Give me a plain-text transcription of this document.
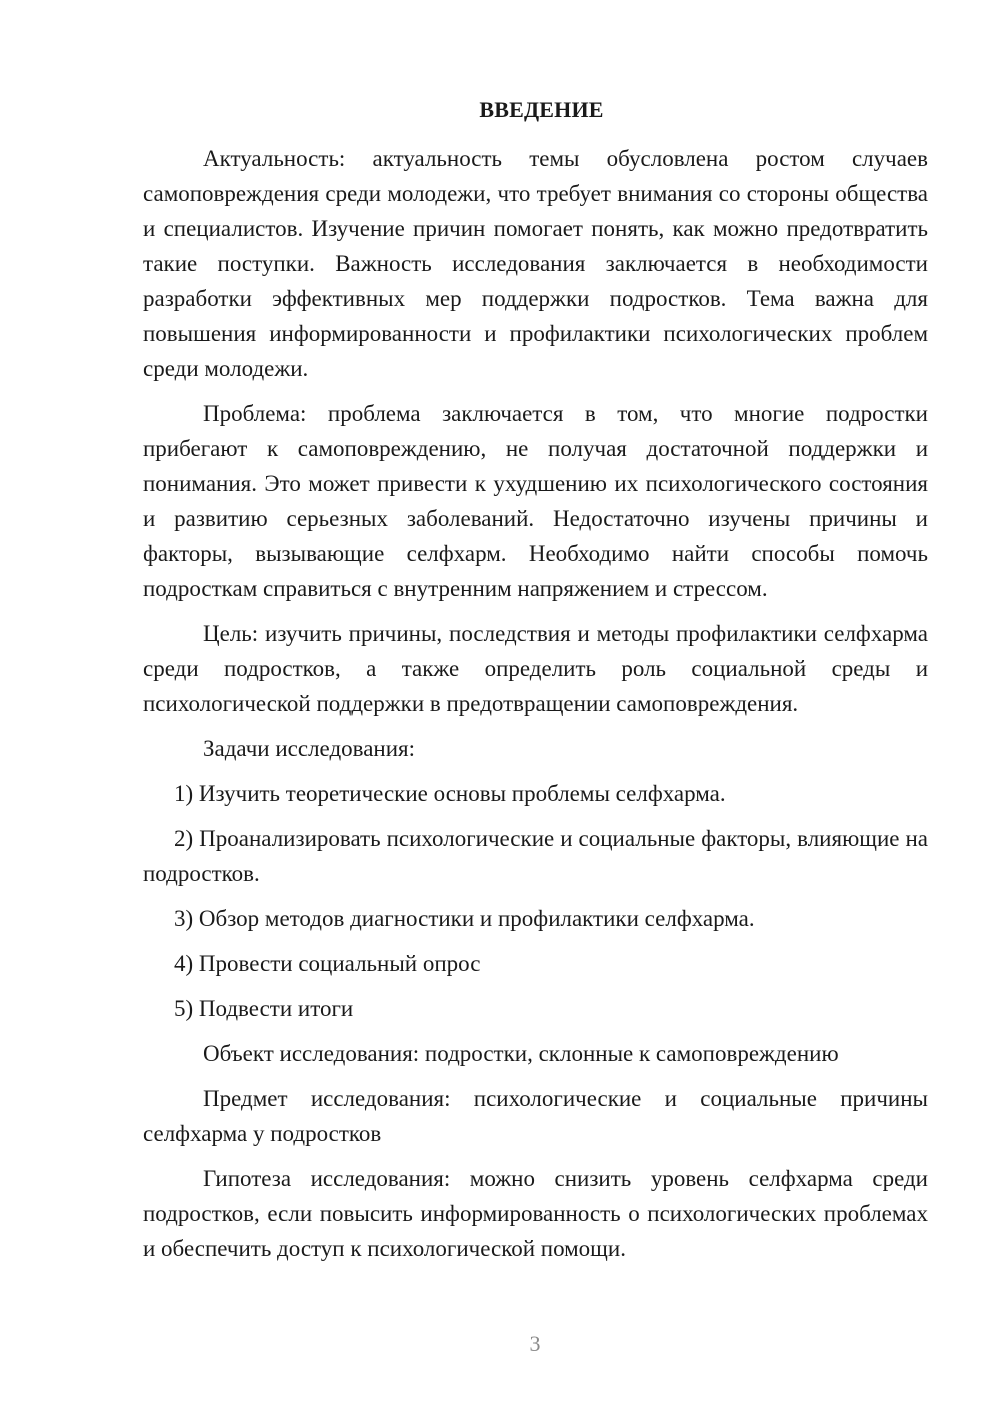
ВВЕДЕНИЕ

Актуальность: актуальность темы обусловлена ростом случаев самоповреждения среди молодежи, что требует внимания со стороны общества и специалистов. Изучение причин помогает понять, как можно предотвратить такие поступки. Важность исследования заключается в необходимости разработки эффективных мер поддержки подростков. Тема важна для повышения информированности и профилактики психологических проблем среди молодежи.

Проблема: проблема заключается в том, что многие подростки прибегают к самоповреждению, не получая достаточной поддержки и понимания. Это может привести к ухудшению их психологического состояния и развитию серьезных заболеваний. Недостаточно изучены причины и факторы, вызывающие селфхарм. Необходимо найти способы помочь подросткам справиться с внутренним напряжением и стрессом.

Цель: изучить причины, последствия и методы профилактики селфхарма среди подростков, а также определить роль социальной среды и психологической поддержки в предотвращении самоповреждения.

Задачи исследования:

1) Изучить теоретические основы проблемы селфхарма.

2) Проанализировать психологические и социальные факторы, влияющие на подростков.

3) Обзор методов диагностики и профилактики селфхарма.

4) Провести социальный опрос

5) Подвести итоги

Объект исследования: подростки, склонные к самоповреждению

Предмет исследования: психологические и социальные причины селфхарма у подростков

Гипотеза исследования: можно снизить уровень селфхарма среди подростков, если повысить информированность о психологических проблемах и обеспечить доступ к психологической помощи.

3
